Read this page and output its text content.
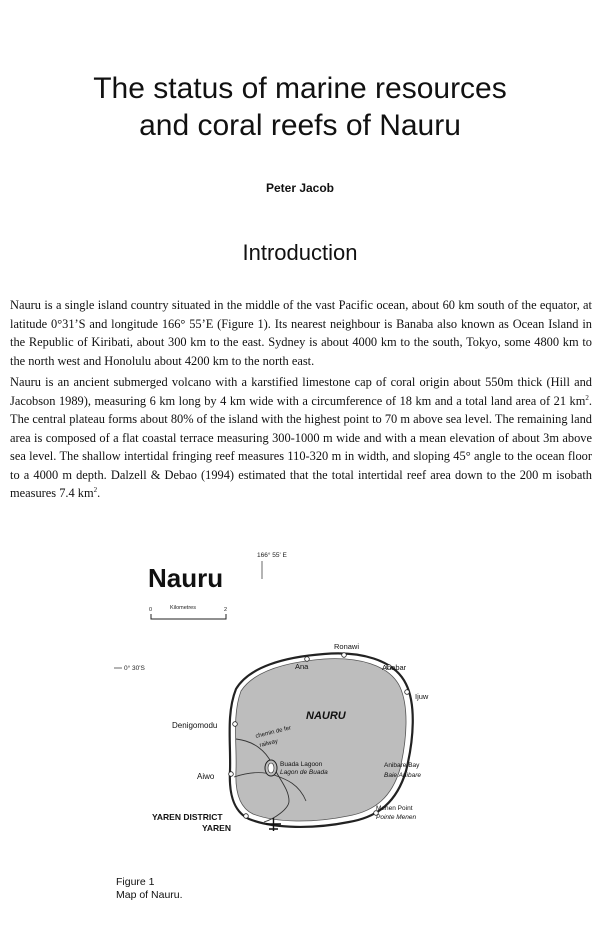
The status of marine resources
and coral reefs of Nauru
Peter Jacob
Introduction

Nauru is a single island country situated in the middle of the vast Pacific ocean, about 60 km south of the equator, at latitude 0°31’S and longitude 166° 55’E (Figure 1). Its nearest neighbour is Banaba also known as Ocean Island in the Republic of Kiribati, about 300 km to the east. Sydney is about 4000 km to the south, Tokyo, some 4800 km to the north west and Honolulu about 4200 km to the north east.

Nauru is an ancient submerged volcano with a karstified limestone cap of coral origin about 550m thick (Hill and Jacobson 1989), measuring 6 km long by 4 km wide with a circumference of 18 km and a total land area of 21 $km^2$. The central plateau forms about 80% of the island with the highest point to 70 m above sea level. The remaining land area is composed of a flat coastal terrace measuring 300-1000 m wide and with a mean elevation of about 3m above sea level. The shallow intertidal fringing reef measures 110-320 m in width, and sloping 45° angle to the ocean floor to a 4000 m depth. Dalzell & Debao (1994) estimated that the total intertidal reef area down to the 200 m isobath measures 7.4 $km^2$.

166° 55' E
Nauru
Kilometres
0	2
0° 30'S	Ana
Ronawi
Anabar
Ijuw
Denigomodu
Aiwo
NAURU
chemin de fer
railway
Buada Lagoon
Lagon de Buada
Anibare Bay
Baie Anibare
Menen Point
Pointe Menen
YAREN DISTRICT
YAREN
Figure 1
Map of Nauru.
